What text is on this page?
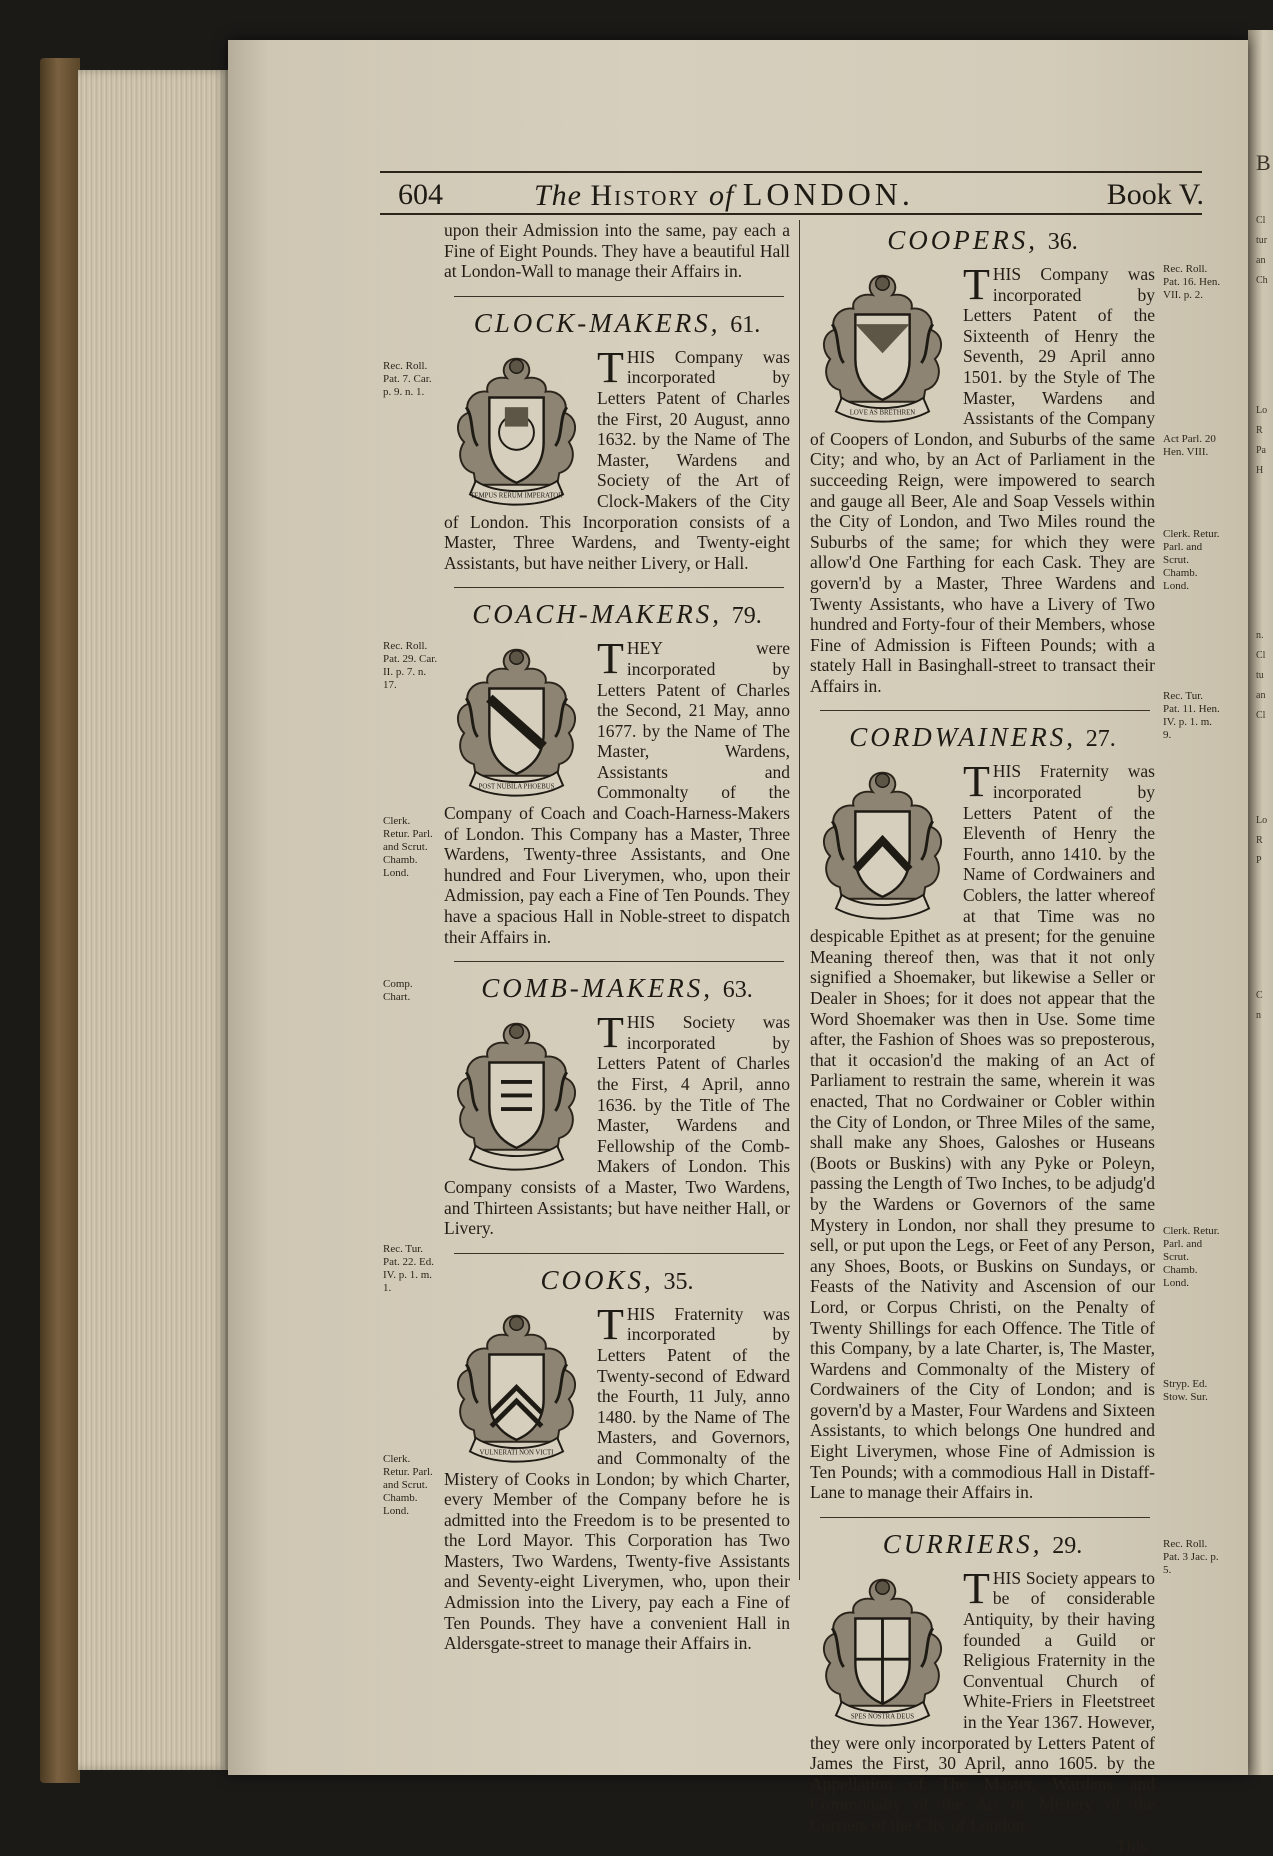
B
Cl
tur
an
Ch
Lo
R
Pa
H
n.
Cl
tu
an
Cl
Lo
R
P
C
n
604	The History of LONDON.	Book V.

upon their Admission into the same, pay each a Fine of Eight Pounds. They have a beautiful Hall at London-Wall to manage their Affairs in.

CLOCK-MAKERS, 61.
TEMPUS RERUM IMPERATOR
T HIS Company was incorporated by Letters Patent of Charles the First, 20 August, anno 1632. by the Name of The Master, Wardens and Society of the Art of Clock-Makers of the City of London. This Incorporation consists of a Master, Three Wardens, and Twenty-eight Assistants, but have neither Livery, or Hall.

COACH-MAKERS, 79.
POST NUBILA PHOEBUS
T HEY were incorporated by Letters Patent of Charles the Second, 21 May, anno 1677. by the Name of The Master, Wardens, Assistants and Commonalty of the Company of Coach and Coach-Harness-Makers of London. This Company has a Master, Three Wardens, Twenty-three Assistants, and One hundred and Four Liverymen, who, upon their Admission, pay each a Fine of Ten Pounds. They have a spacious Hall in Noble-street to dispatch their Affairs in.

COMB-MAKERS, 63.
T HIS Society was incorporated by Letters Patent of Charles the First, 4 April, anno 1636. by the Title of The Master, Wardens and Fellowship of the Comb-Makers of London. This Company consists of a Master, Two Wardens, and Thirteen Assistants; but have neither Hall, or Livery.

COOKS, 35.
VULNERATI NON VICTI
T HIS Fraternity was incorporated by Letters Patent of the Twenty-second of Edward the Fourth, 11 July, anno 1480. by the Name of The Masters, and Governors, and Commonalty of the Mistery of Cooks in London; by which Charter, every Member of the Company before he is admitted into the Freedom is to be presented to the Lord Mayor. This Corporation has Two Masters, Two Wardens, Twenty-five Assistants and Seventy-eight Liverymen, who, upon their Admission into the Livery, pay each a Fine of Ten Pounds. They have a convenient Hall in Aldersgate-street to manage their Affairs in.

Rec. Roll. Pat. 7. Car. p. 9. n. 1.
Rec. Roll. Pat. 29. Car. II. p. 7. n. 17.
Clerk. Retur. Parl. and Scrut. Chamb. Lond.
Comp. Chart.
Rec. Tur. Pat. 22. Ed. IV. p. 1. m. 1.
Clerk. Retur. Parl. and Scrut. Chamb. Lond.
COOPERS, 36.
LOVE AS BRETHREN
T HIS Company was incorporated by Letters Patent of the Sixteenth of Henry the Seventh, 29 April anno 1501. by the Style of The Master, Wardens and Assistants of the Company of Coopers of London, and Suburbs of the same City; and who, by an Act of Parliament in the succeeding Reign, were impowered to search and gauge all Beer, Ale and Soap Vessels within the City of London, and Two Miles round the Suburbs of the same; for which they were allow'd One Farthing for each Cask. They are govern'd by a Master, Three Wardens and Twenty Assistants, who have a Livery of Two hundred and Forty-four of their Members, whose Fine of Admission is Fifteen Pounds; with a stately Hall in Basinghall-street to transact their Affairs in.

CORDWAINERS, 27.
T HIS Fraternity was incorporated by Letters Patent of the Eleventh of Henry the Fourth, anno 1410. by the Name of Cordwainers and Coblers, the latter whereof at that Time was no despicable Epithet as at present; for the genuine Meaning thereof then, was that it not only signified a Shoemaker, but likewise a Seller or Dealer in Shoes; for it does not appear that the Word Shoemaker was then in Use. Some time after, the Fashion of Shoes was so preposterous, that it occasion'd the making of an Act of Parliament to restrain the same, wherein it was enacted, That no Cordwainer or Cobler within the City of London, or Three Miles of the same, shall make any Shoes, Galoshes or Huseans (Boots or Buskins) with any Pyke or Poleyn, passing the Length of Two Inches, to be adjudg'd by the Wardens or Governors of the same Mystery in London, nor shall they presume to sell, or put upon the Legs, or Feet of any Person, any Shoes, Boots, or Buskins on Sundays, or Feasts of the Nativity and Ascension of our Lord, or Corpus Christi, on the Penalty of Twenty Shillings for each Offence. The Title of this Company, by a late Charter, is, The Master, Wardens and Commonalty of the Mistery of Cordwainers of the City of London; and is govern'd by a Master, Four Wardens and Sixteen Assistants, to which belongs One hundred and Eight Liverymen, whose Fine of Admission is Ten Pounds; with a commodious Hall in Distaff-Lane to manage their Affairs in.

CURRIERS, 29.
SPES NOSTRA DEUS
T HIS Society appears to be of considerable Antiquity, by their having founded a Guild or Religious Fraternity in the Conventual Church of White-Friers in Fleetstreet in the Year 1367. However, they were only incorporated by Letters Patent of James the First, 30 April, anno 1605. by the Appellation of The Master, Wardens and Commonalty of the Art or Mistery of the Curriers of the City of London.

This
Rec. Roll. Pat. 16. Hen. VII. p. 2.
Act Parl. 20 Hen. VIII.
Clerk. Retur. Parl. and Scrut. Chamb. Lond.
Rec. Tur. Pat. 11. Hen. IV. p. 1. m. 9.
Clerk. Retur. Parl. and Scrut. Chamb. Lond.
Stryp. Ed. Stow. Sur.
Rec. Roll. Pat. 3 Jac. p. 5.
